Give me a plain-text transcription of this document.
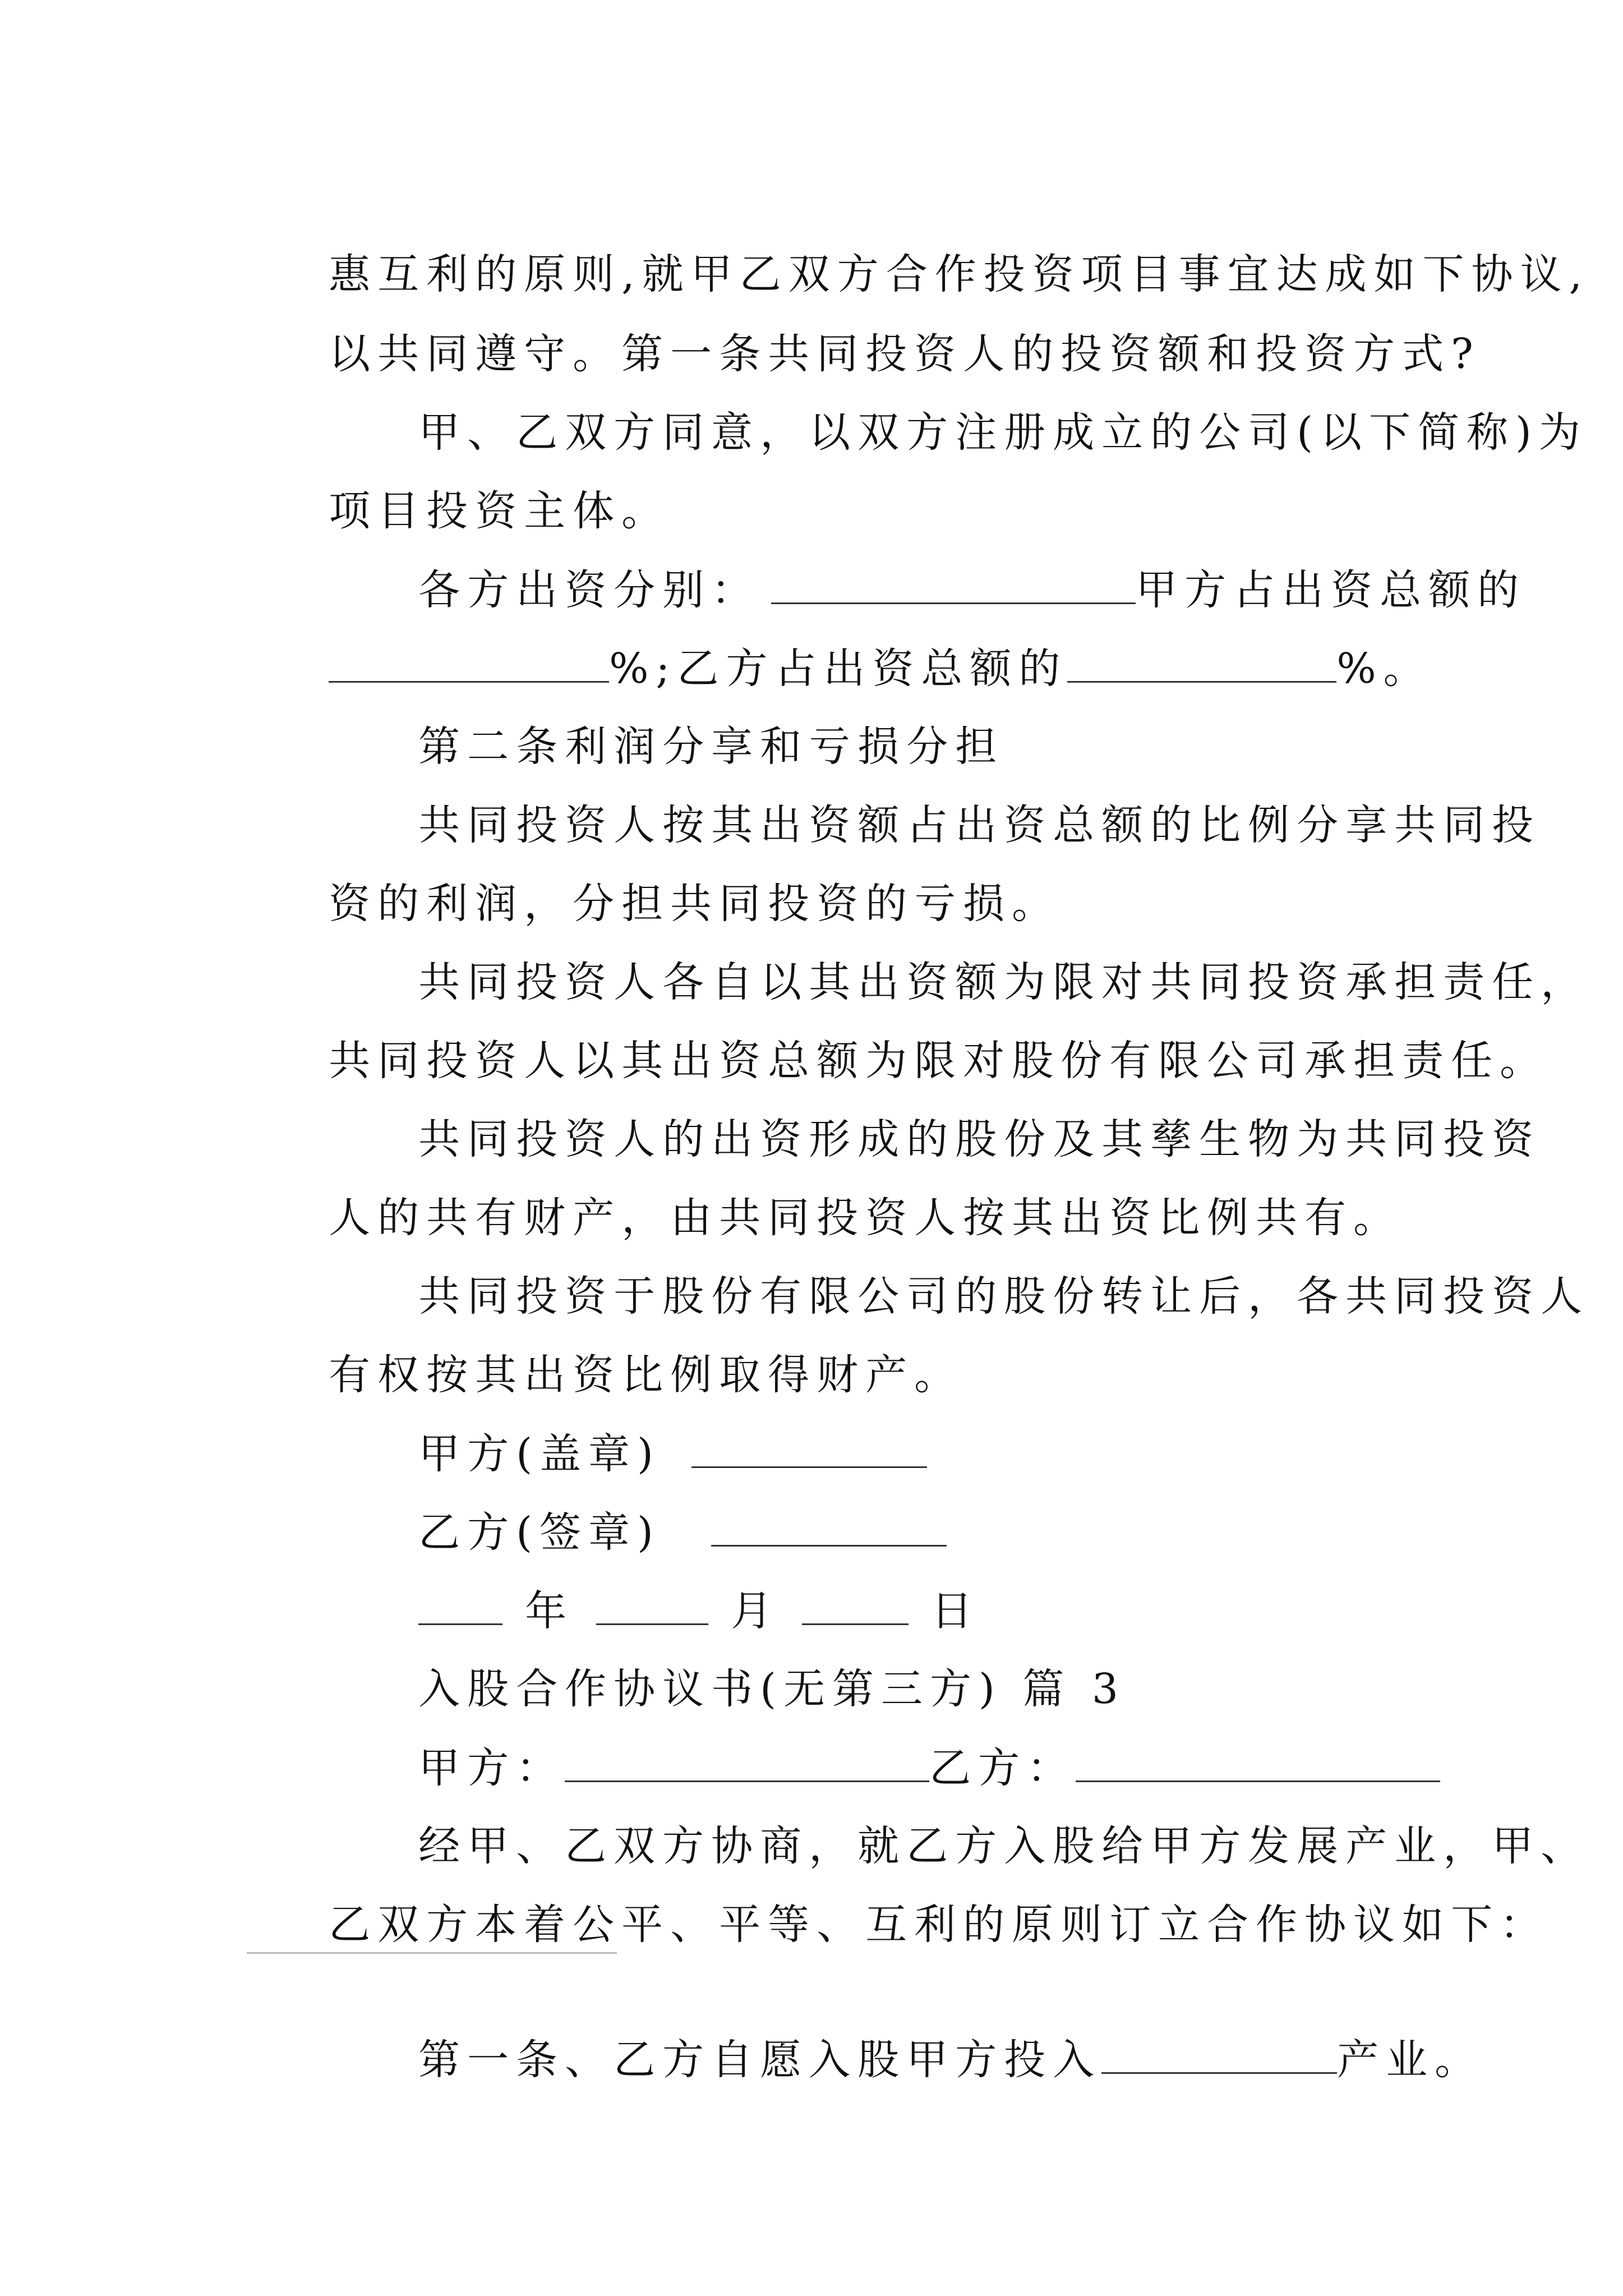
惠互利的原则,就甲乙双方合作投资项目事宜达成如下协议,

以共同遵守。第一条共同投资人的投资额和投资方式?

甲、乙双方同意，以双方注册成立的公司(以下简称)为

项目投资主体。

各方出资分别：	甲方占出资总额的

%;乙方占出资总额的	%。

第二条利润分享和亏损分担

共同投资人按其出资额占出资总额的比例分享共同投

资的利润，分担共同投资的亏损。

共同投资人各自以其出资额为限对共同投资承担责任，

共同投资人以其出资总额为限对股份有限公司承担责任。

共同投资人的出资形成的股份及其孳生物为共同投资

人的共有财产，由共同投资人按其出资比例共有。

共同投资于股份有限公司的股份转让后，各共同投资人

有权按其出资比例取得财产。

甲方(盖章)

乙方(签章)

年	月	日

入股合作协议书(无第三方) 篇 3

甲方：	乙方：

经甲、乙双方协商，就乙方入股给甲方发展产业，甲、

乙双方本着公平、平等、互利的原则订立合作协议如下：

第一条、乙方自愿入股甲方投入	产业。
